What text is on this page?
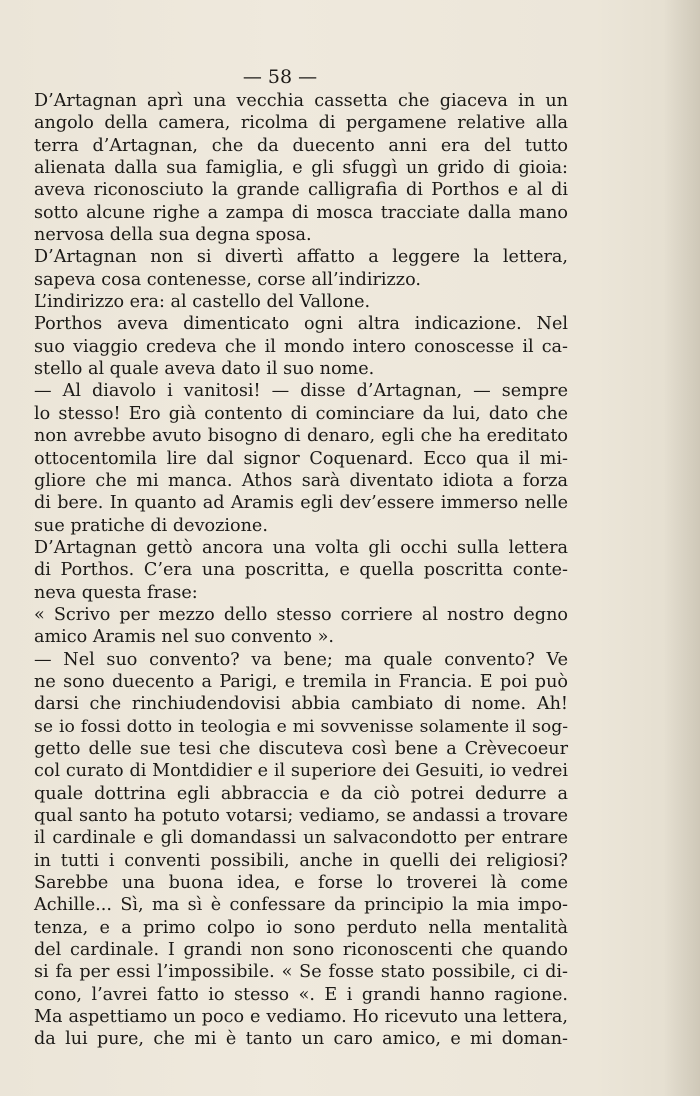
— 58 —

D’Artagnan aprì una vecchia cassetta che giaceva in un
angolo della camera, ricolma di pergamene relative alla
terra d’Artagnan, che da duecento anni era del tutto
alienata dalla sua famiglia, e gli sfuggì un grido di gioia:
aveva riconosciuto la grande calligrafia di Porthos e al di
sotto alcune righe a zampa di mosca tracciate dalla mano
nervosa della sua degna sposa.
D’Artagnan non si divertì affatto a leggere la lettera,
sapeva cosa contenesse, corse all’indirizzo.
L’indirizzo era: al castello del Vallone.
Porthos aveva dimenticato ogni altra indicazione. Nel
suo viaggio credeva che il mondo intero conoscesse il ca-
stello al quale aveva dato il suo nome.
— Al diavolo i vanitosi! — disse d’Artagnan, — sempre
lo stesso! Ero già contento di cominciare da lui, dato che
non avrebbe avuto bisogno di denaro, egli che ha ereditato
ottocentomila lire dal signor Coquenard. Ecco qua il mi-
gliore che mi manca. Athos sarà diventato idiota a forza
di bere. In quanto ad Aramis egli dev’essere immerso nelle
sue pratiche di devozione.
D’Artagnan gettò ancora una volta gli occhi sulla lettera
di Porthos. C’era una poscritta, e quella poscritta conte-
neva questa frase:
« Scrivo per mezzo dello stesso corriere al nostro degno
amico Aramis nel suo convento ».
— Nel suo convento? va bene; ma quale convento? Ve
ne sono duecento a Parigi, e tremila in Francia. E poi può
darsi che rinchiudendovisi abbia cambiato di nome. Ah!
se io fossi dotto in teologia e mi sovvenisse solamente il sog-
getto delle sue tesi che discuteva così bene a Crèvecoeur
col curato di Montdidier e il superiore dei Gesuiti, io vedrei
quale dottrina egli abbraccia e da ciò potrei dedurre a
qual santo ha potuto votarsi; vediamo, se andassi a trovare
il cardinale e gli domandassi un salvacondotto per entrare
in tutti i conventi possibili, anche in quelli dei religiosi?
Sarebbe una buona idea, e forse lo troverei là come
Achille... Sì, ma sì è confessare da principio la mia impo-
tenza, e a primo colpo io sono perduto nella mentalità
del cardinale. I grandi non sono riconoscenti che quando
si fa per essi l’impossibile. « Se fosse stato possibile, ci di-
cono, l’avrei fatto io stesso «. E i grandi hanno ragione.
Ma aspettiamo un poco e vediamo. Ho ricevuto una lettera,
da lui pure, che mi è tanto un caro amico, e mi doman-
